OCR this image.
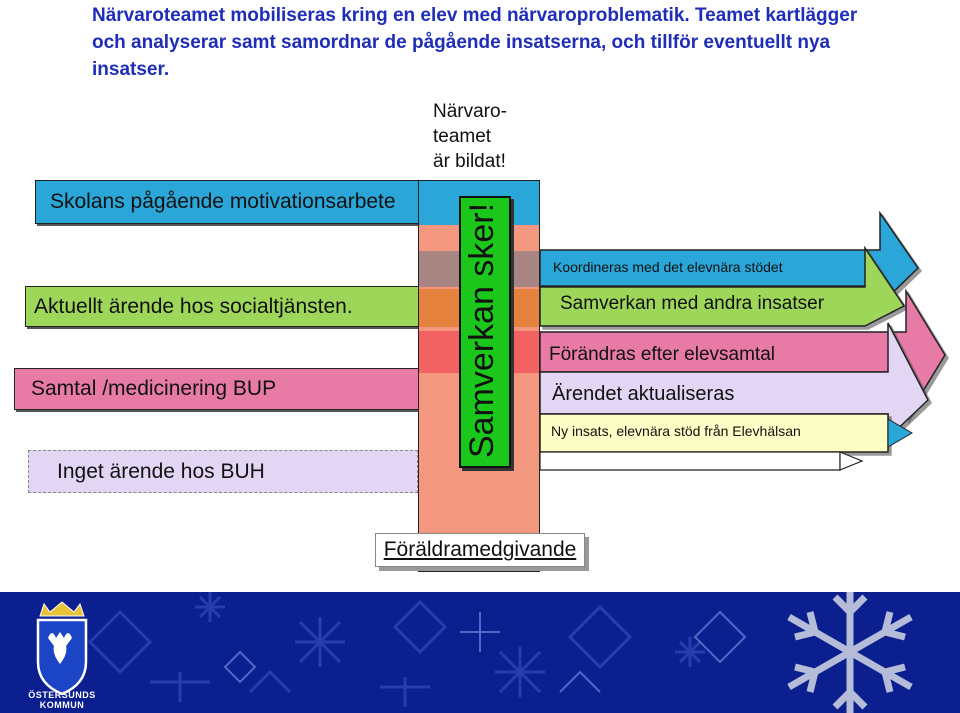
Närvaroteamet mobiliseras kring en elev med närvaroproblematik. Teamet kartlägger och analyserar samt samordnar de pågående insatserna, och tillför eventuellt nya insatser.
Närvaro-
teamet
är bildat!
Skolans pågående motivationsarbete
Aktuellt ärende hos socialtjänsten.
Samtal /medicinering BUP
Inget ärende hos BUH
Samverkan sker!	Koordineras med det elevnära stödet
Samverkan med andra insatser
Förändras efter elevsamtal
Ärendet aktualiseras
Ny insats, elevnära stöd från Elevhälsan
Föräldramedgivande
ÖSTERSUNDS
KOMMUN
